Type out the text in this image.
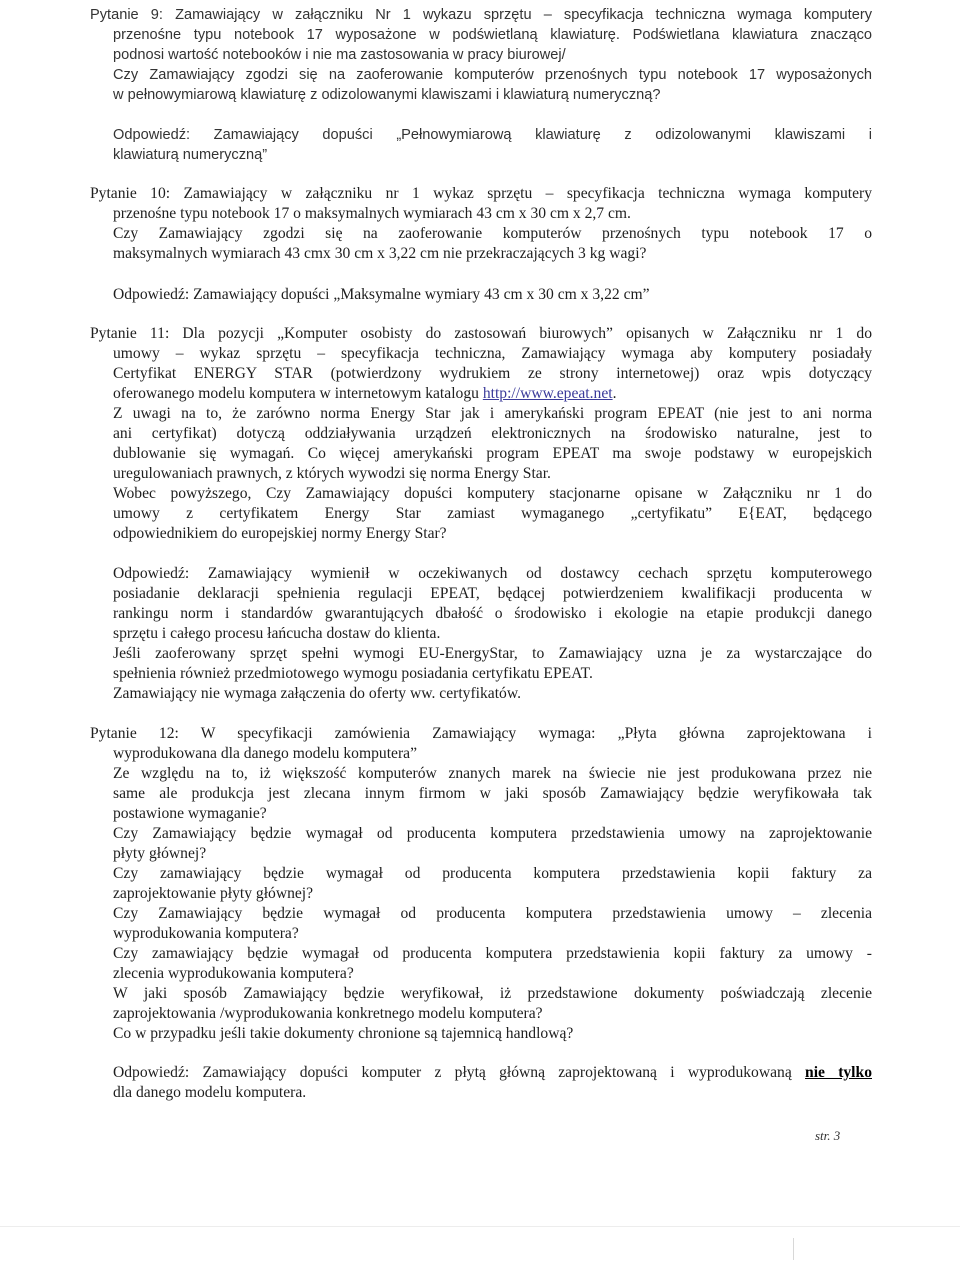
Pytanie 9: Zamawiający w załączniku Nr 1 wykazu sprzętu – specyfikacja techniczna wymaga komputery
przenośne typu notebook 17 wyposażone w podświetlaną klawiaturę. Podświetlana klawiatura znacząco
podnosi wartość notebooków i nie ma zastosowania w pracy biurowej/
Czy Zamawiający zgodzi się na zaoferowanie komputerów przenośnych typu notebook 17 wyposażonych
w pełnowymiarową klawiaturę z odizolowanymi klawiszami i klawiaturą numeryczną?
Odpowiedź: Zamawiający dopuści „Pełnowymiarową klawiaturę z odizolowanymi klawiszami i
klawiaturą numeryczną”
Pytanie 10: Zamawiający w załączniku nr 1 wykaz sprzętu – specyfikacja techniczna wymaga komputery
przenośne typu notebook 17 o maksymalnych wymiarach 43 cm x 30 cm x 2,7 cm.
Czy Zamawiający zgodzi się na zaoferowanie komputerów przenośnych typu notebook 17 o
maksymalnych wymiarach 43 cmx 30 cm x 3,22 cm nie przekraczających 3 kg wagi?
Odpowiedź: Zamawiający dopuści „Maksymalne wymiary 43 cm x 30 cm x 3,22 cm”
Pytanie 11: Dla pozycji „Komputer osobisty do zastosowań biurowych” opisanych w Załączniku nr 1 do
umowy – wykaz sprzętu – specyfikacja techniczna, Zamawiający wymaga aby komputery posiadały
Certyfikat ENERGY STAR (potwierdzony wydrukiem ze strony internetowej) oraz wpis dotyczący
oferowanego modelu komputera w internetowym katalogu http://www.epeat.net.
Z uwagi na to, że zarówno norma Energy Star jak i amerykański program EPEAT (nie jest to ani norma
ani certyfikat) dotyczą oddziaływania urządzeń elektronicznych na środowisko naturalne, jest to
dublowanie się wymagań. Co więcej amerykański program EPEAT ma swoje podstawy w europejskich
uregulowaniach prawnych, z których wywodzi się norma Energy Star.
Wobec powyższego, Czy Zamawiający dopuści komputery stacjonarne opisane w Załączniku nr 1 do
umowy z certyfikatem Energy Star zamiast wymaganego „certyfikatu” E{EAT, będącego
odpowiednikiem do europejskiej normy Energy Star?
Odpowiedź: Zamawiający wymienił w oczekiwanych od dostawcy cechach sprzętu komputerowego
posiadanie deklaracji spełnienia regulacji EPEAT, będącej potwierdzeniem kwalifikacji producenta w
rankingu norm i standardów gwarantujących dbałość o środowisko i ekologie na etapie produkcji danego
sprzętu i całego procesu łańcucha dostaw do klienta.
Jeśli zaoferowany sprzęt spełni wymogi EU-EnergyStar, to Zamawiający uzna je za wystarczające do
spełnienia również przedmiotowego wymogu posiadania certyfikatu EPEAT.
Zamawiający nie wymaga załączenia do oferty ww. certyfikatów.
Pytanie 12: W specyfikacji zamówienia Zamawiający wymaga: „Płyta główna zaprojektowana i
wyprodukowana dla danego modelu komputera”
Ze względu na to, iż większość komputerów znanych marek na świecie nie jest produkowana przez nie
same ale produkcja jest zlecana innym firmom w jaki sposób Zamawiający będzie weryfikowała tak
postawione wymaganie?
Czy Zamawiający będzie wymagał od producenta komputera przedstawienia umowy na zaprojektowanie
płyty głównej?
Czy zamawiający będzie wymagał od producenta komputera przedstawienia kopii faktury za
zaprojektowanie płyty głównej?
Czy Zamawiający będzie wymagał od producenta komputera przedstawienia umowy – zlecenia
wyprodukowania komputera?
Czy zamawiający będzie wymagał od producenta komputera przedstawienia kopii faktury za umowy -
zlecenia wyprodukowania komputera?
W jaki sposób Zamawiający będzie weryfikował, iż przedstawione dokumenty poświadczają zlecenie
zaprojektowania /wyprodukowania konkretnego modelu komputera?
Co w przypadku jeśli takie dokumenty chronione są tajemnicą handlową?
Odpowiedź: Zamawiający dopuści komputer z płytą główną zaprojektowaną i wyprodukowaną nie tylko
dla danego modelu komputera.
str. 3
